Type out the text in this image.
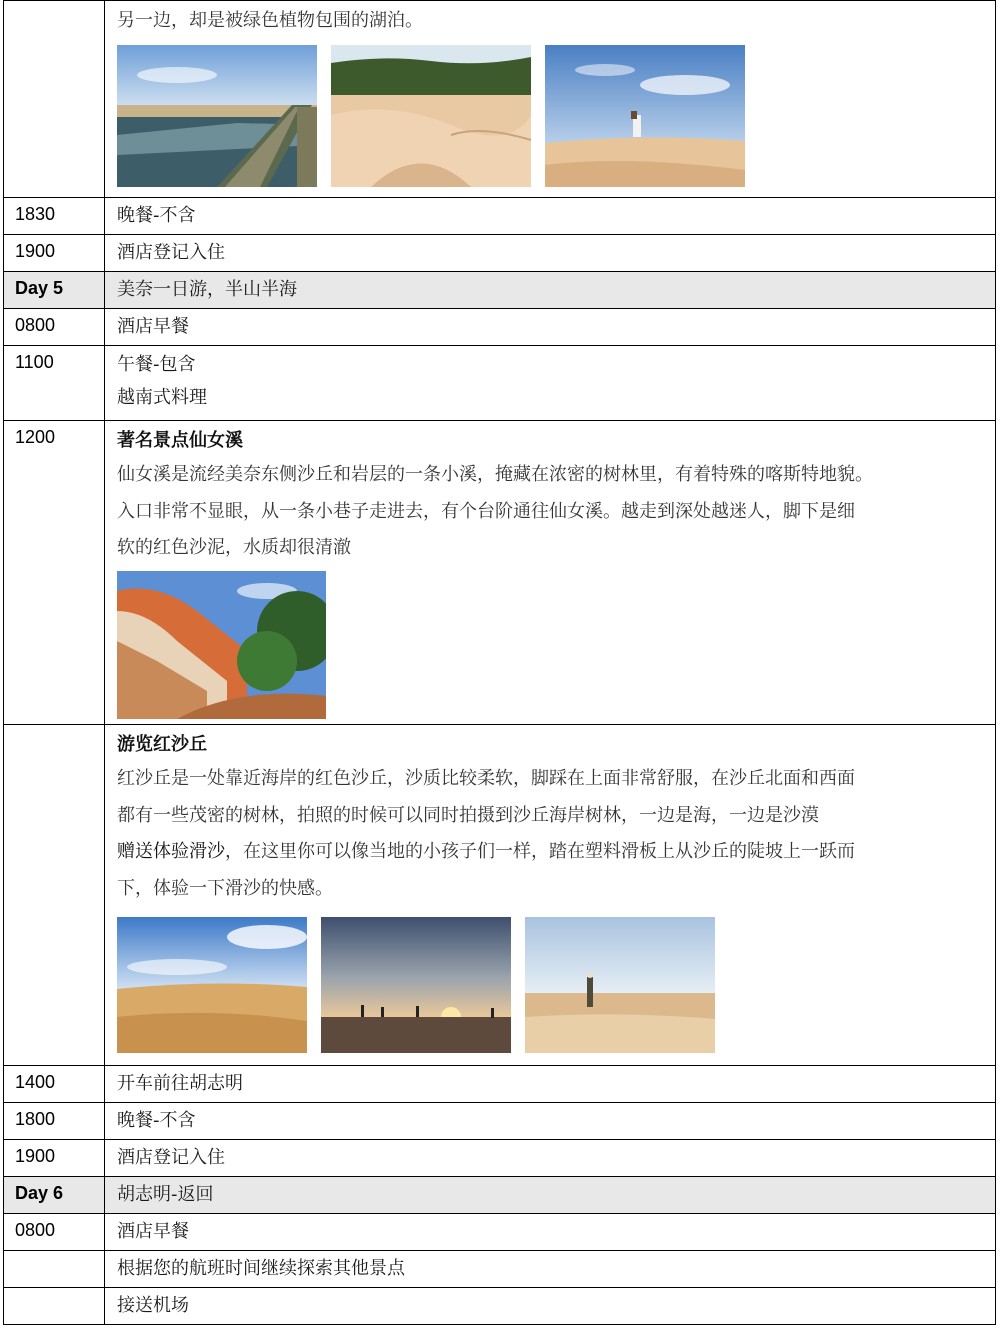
	另一边，却是被绿色植物包围的湖泊。

1830	晚餐-不含

1900	酒店登记入住

Day 5	美奈一日游，半山半海

0800	酒店早餐

1100	午餐-包含
越南式料理

1200	著名景点仙女溪
仙女溪是流经美奈东侧沙丘和岩层的一条小溪，掩藏在浓密的树林里，有着特殊的喀斯特地貌。
入口非常不显眼，从一条小巷子走进去，有个台阶通往仙女溪。越走到深处越迷人，脚下是细
软的红色沙泥，水质却很清澈

	游览红沙丘
红沙丘是一处靠近海岸的红色沙丘，沙质比较柔软，脚踩在上面非常舒服，在沙丘北面和西面
都有一些茂密的树林，拍照的时候可以同时拍摄到沙丘海岸树林，一边是海，一边是沙漠
赠送体验滑沙，在这里你可以像当地的小孩子们一样，踏在塑料滑板上从沙丘的陡坡上一跃而
下，体验一下滑沙的快感。

1400	开车前往胡志明

1800	晚餐-不含

1900	酒店登记入住

Day 6	胡志明-返回

0800	酒店早餐

	根据您的航班时间继续探索其他景点

	接送机场
